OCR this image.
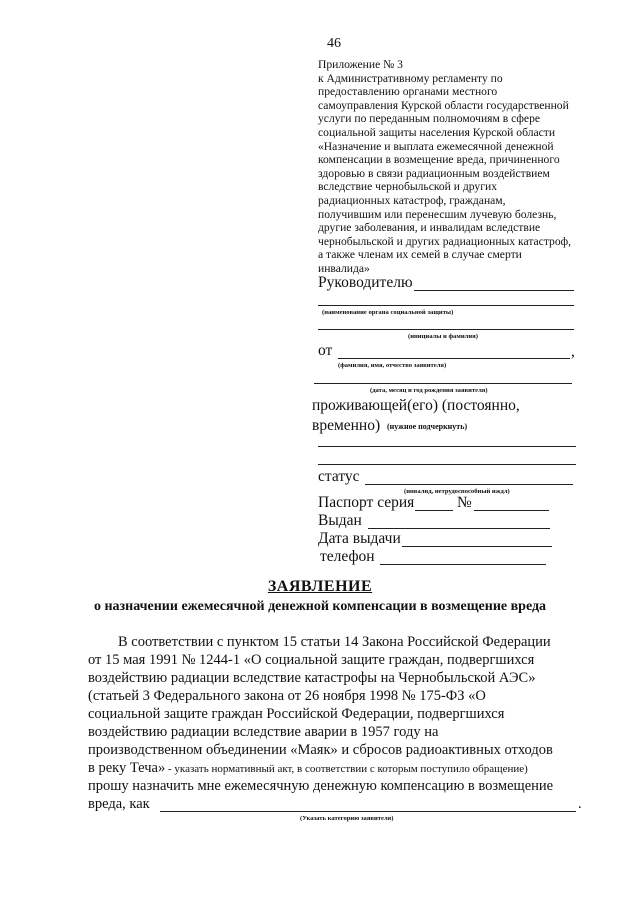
46
Приложение № 3
к Административному регламенту по
предоставлению органами местного
самоуправления Курской области государственной
услуги по переданным полномочиям в сфере
социальной защиты населения Курской области
«Назначение и выплата ежемесячной денежной
компенсации в возмещение вреда, причиненного
здоровью в связи радиационным воздействием
вследствие чернобыльской и других
радиационных катастроф, гражданам,
получившим или перенесшим лучевую болезнь,
другие заболевания, и инвалидам вследствие
чернобыльской и других радиационных катастроф,
а также членам их семей в случае смерти
инвалида»
Руководителю
(наименование органа социальной защиты)
(инициалы и фамилия)
от	,
(фамилия, имя, отчество заявителя)
(дата, месяц и год рождения заявителя)
проживающей(его) (постоянно,
временно) (нужное подчеркнуть)
статус
(инвалид, нетрудоспособный иждл)
Паспорт серия	№
Выдан
Дата выдачи
телефон
ЗАЯВЛЕНИЕ
о назначении ежемесячной денежной компенсации в возмещение вреда
В соответствии с пунктом 15 статьи 14 Закона Российской Федерации
от 15 мая 1991 № 1244-1 «О социальной защите граждан, подвергшихся
воздействию радиации вследствие катастрофы на Чернобыльской АЭС»
(статьей 3 Федерального закона от 26 ноября 1998 № 175-ФЗ «О
социальной защите граждан Российской Федерации, подвергшихся
воздействию радиации вследствие аварии в 1957 году на
производственном объединении «Маяк» и сбросов радиоактивных отходов
в реку Теча» - указать нормативный акт, в соответствии с которым поступило обращение)
прошу назначить мне ежемесячную денежную компенсацию в возмещение
вреда, как	.
(Указать категорию заявителя)
